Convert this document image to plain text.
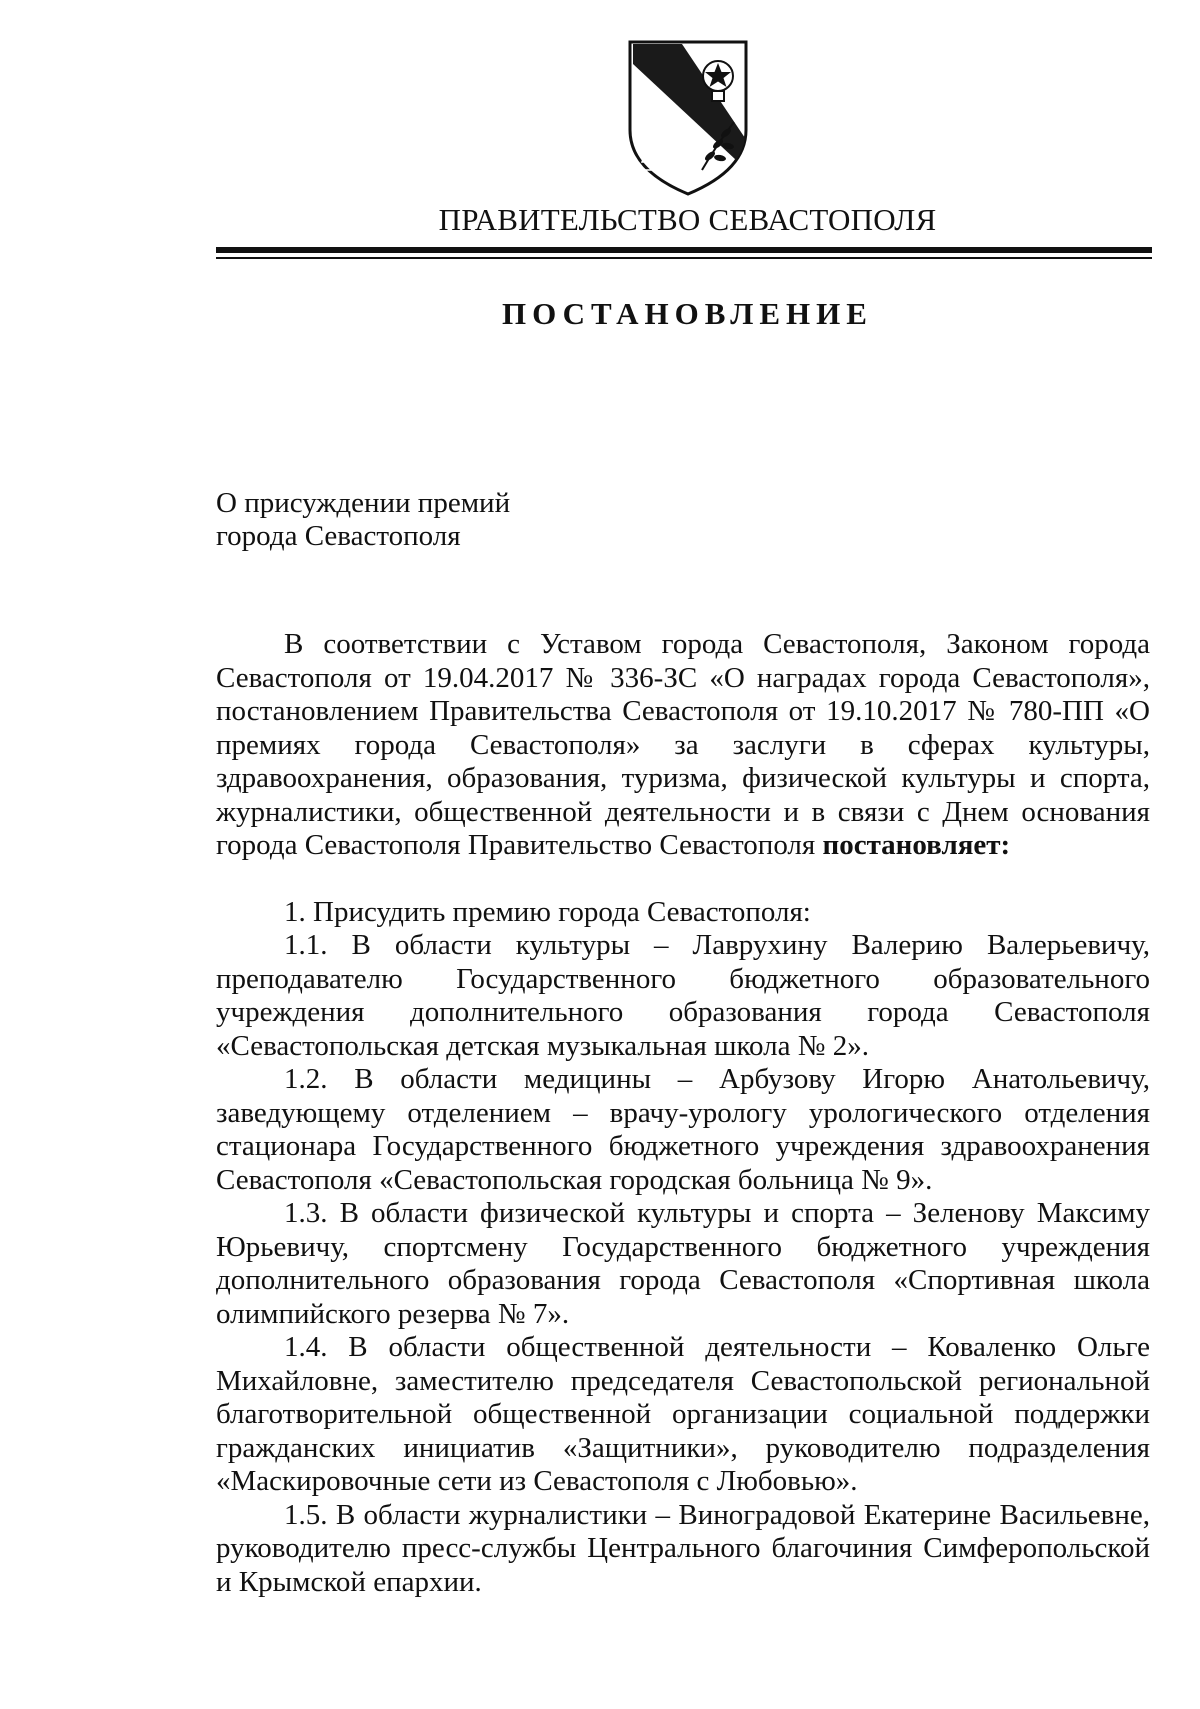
ПРАВИТЕЛЬСТВО СЕВАСТОПОЛЯ
ПОСТАНОВЛЕНИЕ
О присуждении премий
города Севастополя

В соответствии с Уставом города Севастополя, Законом города Севастополя от 19.04.2017 № 336-ЗС «О наградах города Севастополя», постановлением Правительства Севастополя от 19.10.2017 № 780-ПП «О премиях города Севастополя» за заслуги в сферах культуры, здравоохранения, образования, туризма, физической культуры и спорта, журналистики, общественной деятельности и в связи с Днем основания города Севастополя Правительство Севастополя постановляет:

1. Присудить премию города Севастополя:

1.1. В области культуры – Лаврухину Валерию Валерьевичу, преподавателю Государственного бюджетного образовательного учреждения дополнительного образования города Севастополя «Севастопольская детская музыкальная школа № 2».

1.2. В области медицины – Арбузову Игорю Анатольевичу, заведующему отделением – врачу-урологу урологического отделения стационара Государственного бюджетного учреждения здравоохранения Севастополя «Севастопольская городская больница № 9».

1.3. В области физической культуры и спорта – Зеленову Максиму Юрьевичу, спортсмену Государственного бюджетного учреждения дополнительного образования города Севастополя «Спортивная школа олимпийского резерва № 7».

1.4. В области общественной деятельности – Коваленко Ольге Михайловне, заместителю председателя Севастопольской региональной благотворительной общественной организации социальной поддержки гражданских инициатив «Защитники», руководителю подразделения «Маскировочные сети из Севастополя с Любовью».

1.5. В области журналистики – Виноградовой Екатерине Васильевне, руководителю пресс-службы Центрального благочиния Симферопольской и Крымской епархии.
